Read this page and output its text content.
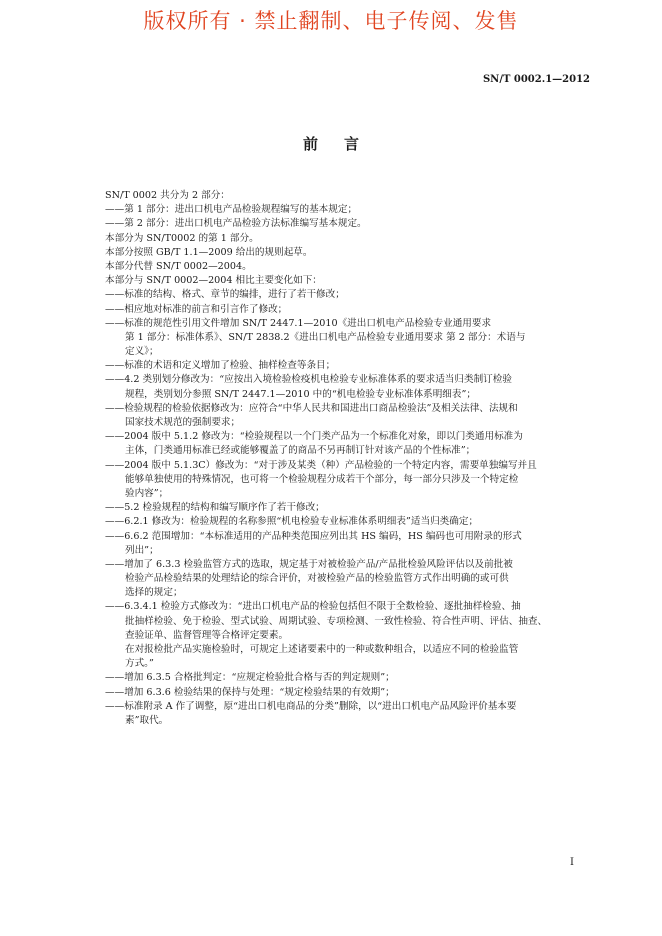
版权所有 · 禁止翻制、电子传阅、发售
SN/T 0002.1—2012
前言
SN/T 0002 共分为 2 部分：
——第 1 部分：进出口机电产品检验规程编写的基本规定；
——第 2 部分：进出口机电产品检验方法标准编写基本规定。
本部分为 SN/T0002 的第 1 部分。
本部分按照 GB/T 1.1—2009 给出的规则起草。
本部分代替 SN/T 0002—2004。
本部分与 SN/T 0002—2004 相比主要变化如下：
——标准的结构、格式、章节的编排，进行了若干修改；
——相应地对标准的前言和引言作了修改；
——标准的规范性引用文件增加 SN/T 2447.1—2010《进出口机电产品检验专业通用要求
第 1 部分：标准体系》、SN/T 2838.2《进出口机电产品检验专业通用要求 第 2 部分：术语与
定义》；
——标准的术语和定义增加了检验、抽样检查等条目；
——4.2 类别划分修改为：“应按出入境检验检疫机电检验专业标准体系的要求适当归类制订检验
规程，类别划分参照 SN/T 2447.1—2010 中的“机电检验专业标准体系明细表”；
——检验规程的检验依据修改为：应符合“中华人民共和国进出口商品检验法”及相关法律、法规和
国家技术规范的强制要求；
——2004 版中 5.1.2 修改为：“检验规程以一个门类产品为一个标准化对象，即以门类通用标准为
主体，门类通用标准已经或能够覆盖了的商品不另再制订针对该产品的个性标准”；
——2004 版中 5.1.3C）修改为：“对于涉及某类（种）产品检验的一个特定内容，需要单独编写并且
能够单独使用的特殊情况，也可将一个检验规程分成若干个部分，每一部分只涉及一个特定检
验内容”；
——5.2 检验规程的结构和编写顺序作了若干修改；
——6.2.1 修改为：检验规程的名称参照“机电检验专业标准体系明细表”适当归类确定；
——6.6.2 范围增加：“本标准适用的产品种类范围应列出其 HS 编码，HS 编码也可用附录的形式
列出”；
——增加了 6.3.3 检验监管方式的选取，规定基于对被检验产品/产品批检验风险评估以及前批被
检验产品检验结果的处理结论的综合评价，对被检验产品的检验监管方式作出明确的或可供
选择的规定；
——6.3.4.1 检验方式修改为：“进出口机电产品的检验包括但不限于全数检验、逐批抽样检验、抽
批抽样检验、免于检验、型式试验、周期试验、专项检测、一致性检验、符合性声明、评估、抽查、
查验证单、监督管理等合格评定要素。
在对报检批产品实施检验时，可规定上述诸要素中的一种或数种组合，以适应不同的检验监管
方式。”
——增加 6.3.5 合格批判定：“应规定检验批合格与否的判定规则”；
——增加 6.3.6 检验结果的保持与处理：“规定检验结果的有效期”；
——标准附录 A 作了调整，原“进出口机电商品的分类”删除，以“进出口机电产品风险评价基本要
素”取代。
I
